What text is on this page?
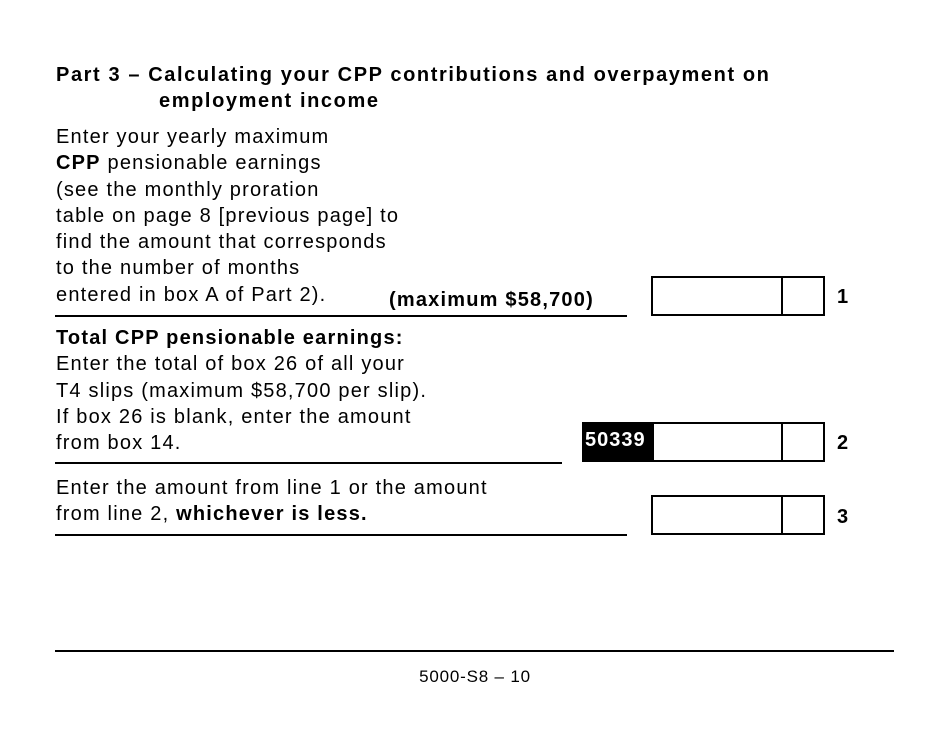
Part 3 – Calculating your CPP contributions and overpayment on
employment income
Enter your yearly maximum
CPP pensionable earnings
(see the monthly proration
table on page 8 [previous page] to
find the amount that corresponds
to the number of months
entered in box A of Part 2).	(maximum $58,700)	1
Total CPP pensionable earnings:
Enter the total of box 26 of all your
T4 slips (maximum $58,700 per slip).
If box 26 is blank, enter the amount
from box 14.	50339	2
Enter the amount from line 1 or the amount
from line 2, whichever is less.	3
5000-S8 – 10
